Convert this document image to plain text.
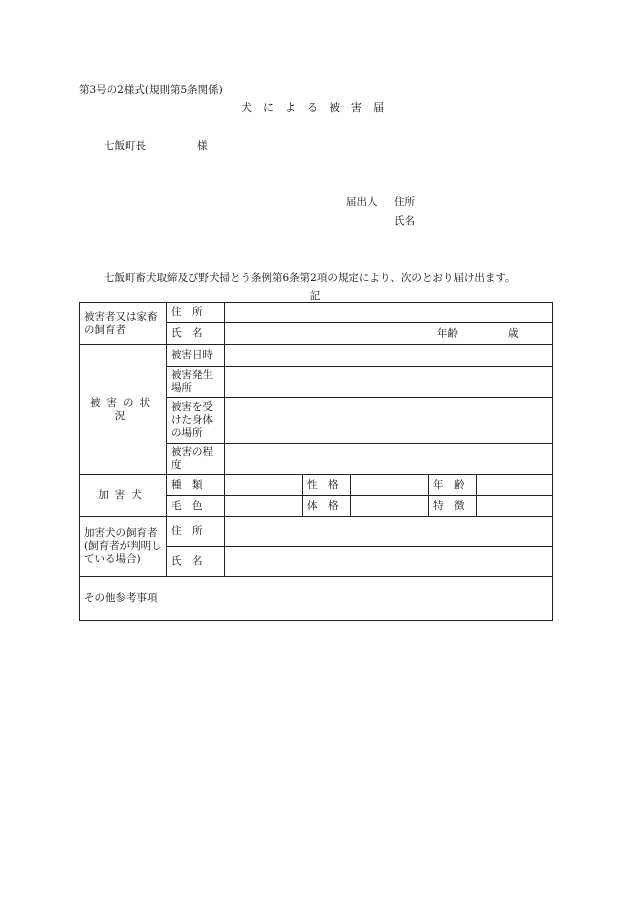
第3号の2様式(規則第5条関係)
犬による被害届
七飯町長	様
届出人 住所
氏名
七飯町畜犬取締及び野犬掃とう条例第6条第2項の規定により、次のとおり届け出ます。
記
被害者又は家畜の飼育者	住　所					

	氏　名	年齢 歳				

被害の状況	被害日時					
	被害発生場所					
	被害を受けた身体の場所					
	被害の程度					
加害犬	種　類		性　格		年　齢	
	毛　色		体　格		特　徴	
加害犬の飼育者(飼育者が判明している場合)	住　所					
	氏　名					
その他参考事項						
